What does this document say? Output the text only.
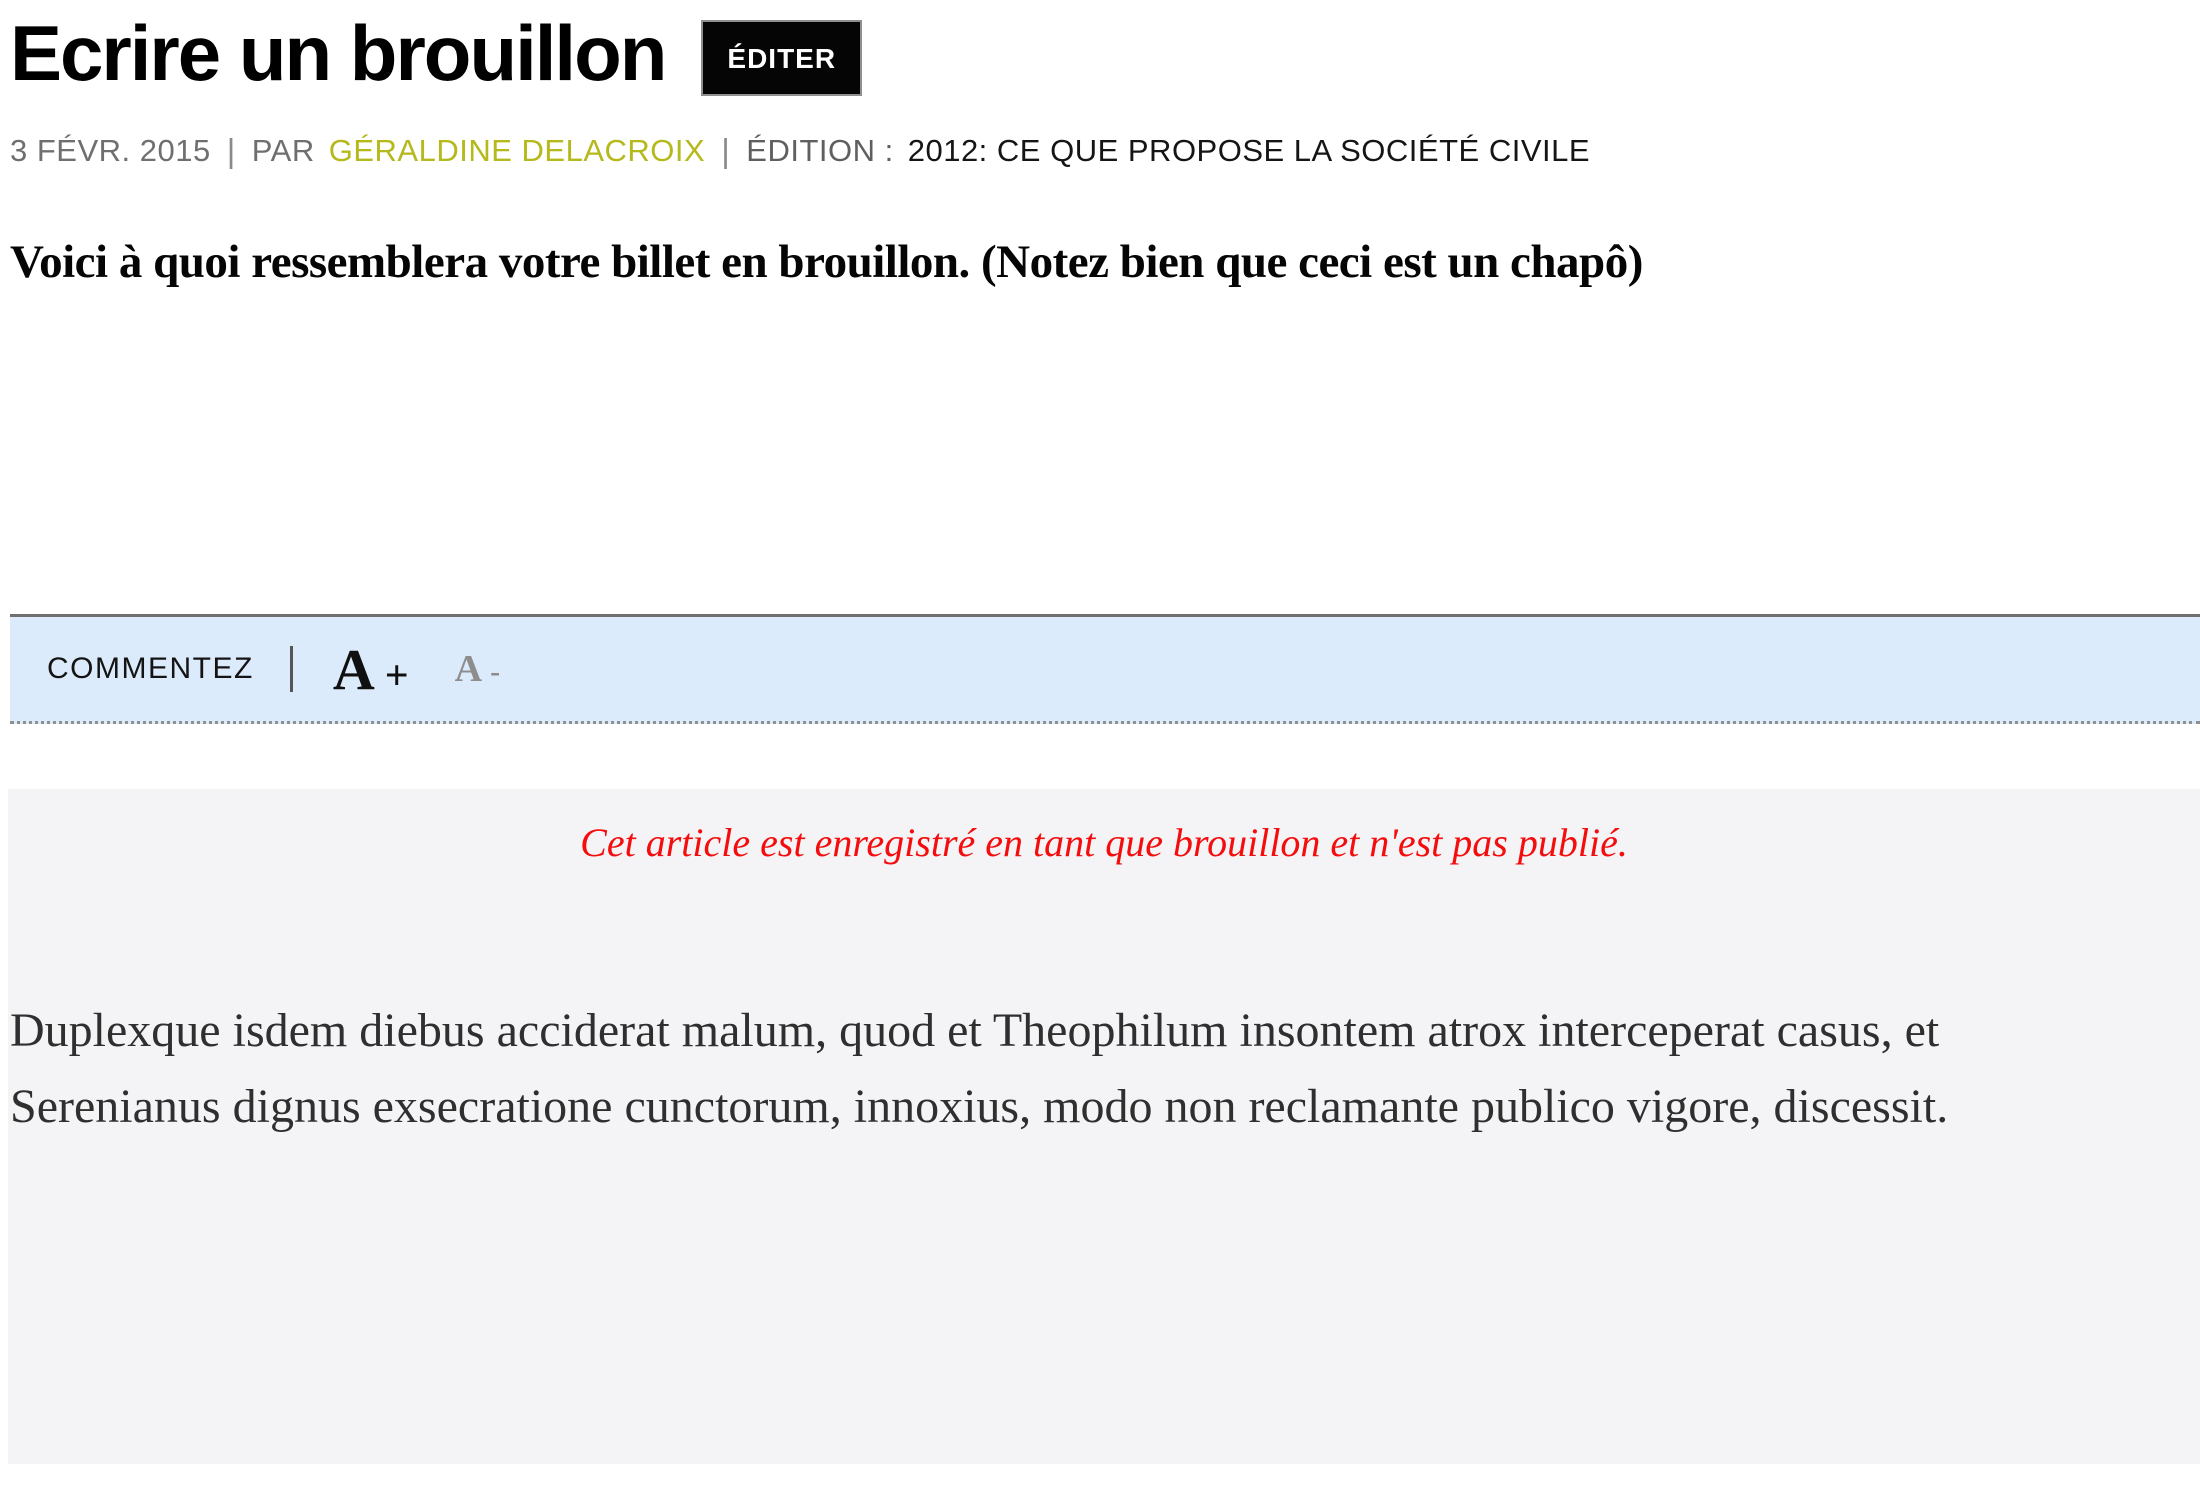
Ecrire un brouillon	ÉDITER
3 FÉVR. 2015 | PAR GÉRALDINE DELACROIX | ÉDITION : 2012: CE QUE PROPOSE LA SOCIÉTÉ CIVILE
Voici à quoi ressemblera votre billet en brouillon. (Notez bien que ceci est un chapô)
COMMENTEZ A + A -

Cet article est enregistré en tant que brouillon et n'est pas publié.

Duplexque isdem diebus acciderat malum, quod et Theophilum insontem atrox interceperat casus, et Serenianus dignus exsecratione cunctorum, innoxius, modo non reclamante publico vigore, discessit.
